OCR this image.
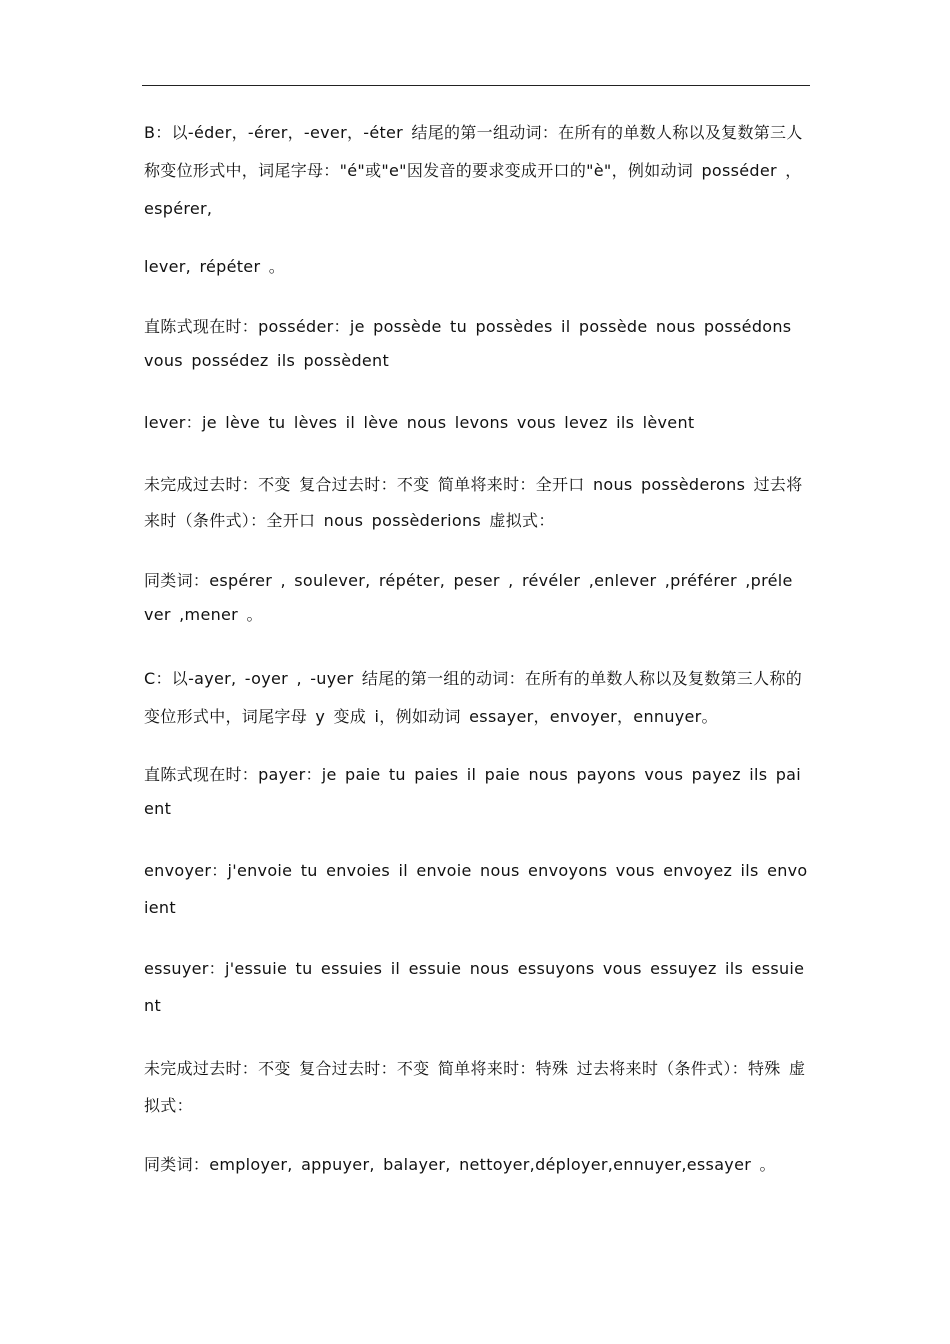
B：以-éder，-érer，-ever，-éter 结尾的第一组动词：在所有的单数人称以及复数第三人称变位形式中，词尾字母："é"或"e"因发音的要求变成开口的"è"，例如动词 posséder ， espérer,

lever, répéter 。

直陈式现在时：posséder：je possède tu possèdes il possède nous possédons vous possédez ils possèdent

lever：je lève tu lèves il lève nous levons vous levez ils lèvent

未完成过去时：不变 复合过去时：不变 简单将来时：全开口 nous possèderons 过去将来时（条件式）：全开口 nous possèderions 虚拟式：

同类词：espérer , soulever, répéter, peser , révéler ,enlever ,préférer ,préle ver ,mener 。

C：以-ayer, -oyer , -uyer 结尾的第一组的动词：在所有的单数人称以及复数第三人称的变位形式中，词尾字母 y 变成 i，例如动词 essayer，envoyer，ennuyer。

直陈式现在时：payer：je paie tu paies il paie nous payons vous payez ils pai ent

envoyer：j'envoie tu envoies il envoie nous envoyons vous envoyez ils envo ient

essuyer：j'essuie tu essuies il essuie nous essuyons vous essuyez ils essuie nt

未完成过去时：不变 复合过去时：不变 简单将来时：特殊 过去将来时（条件式）：特殊 虚拟式：

同类词：employer, appuyer, balayer, nettoyer,déployer,ennuyer,essayer 。
